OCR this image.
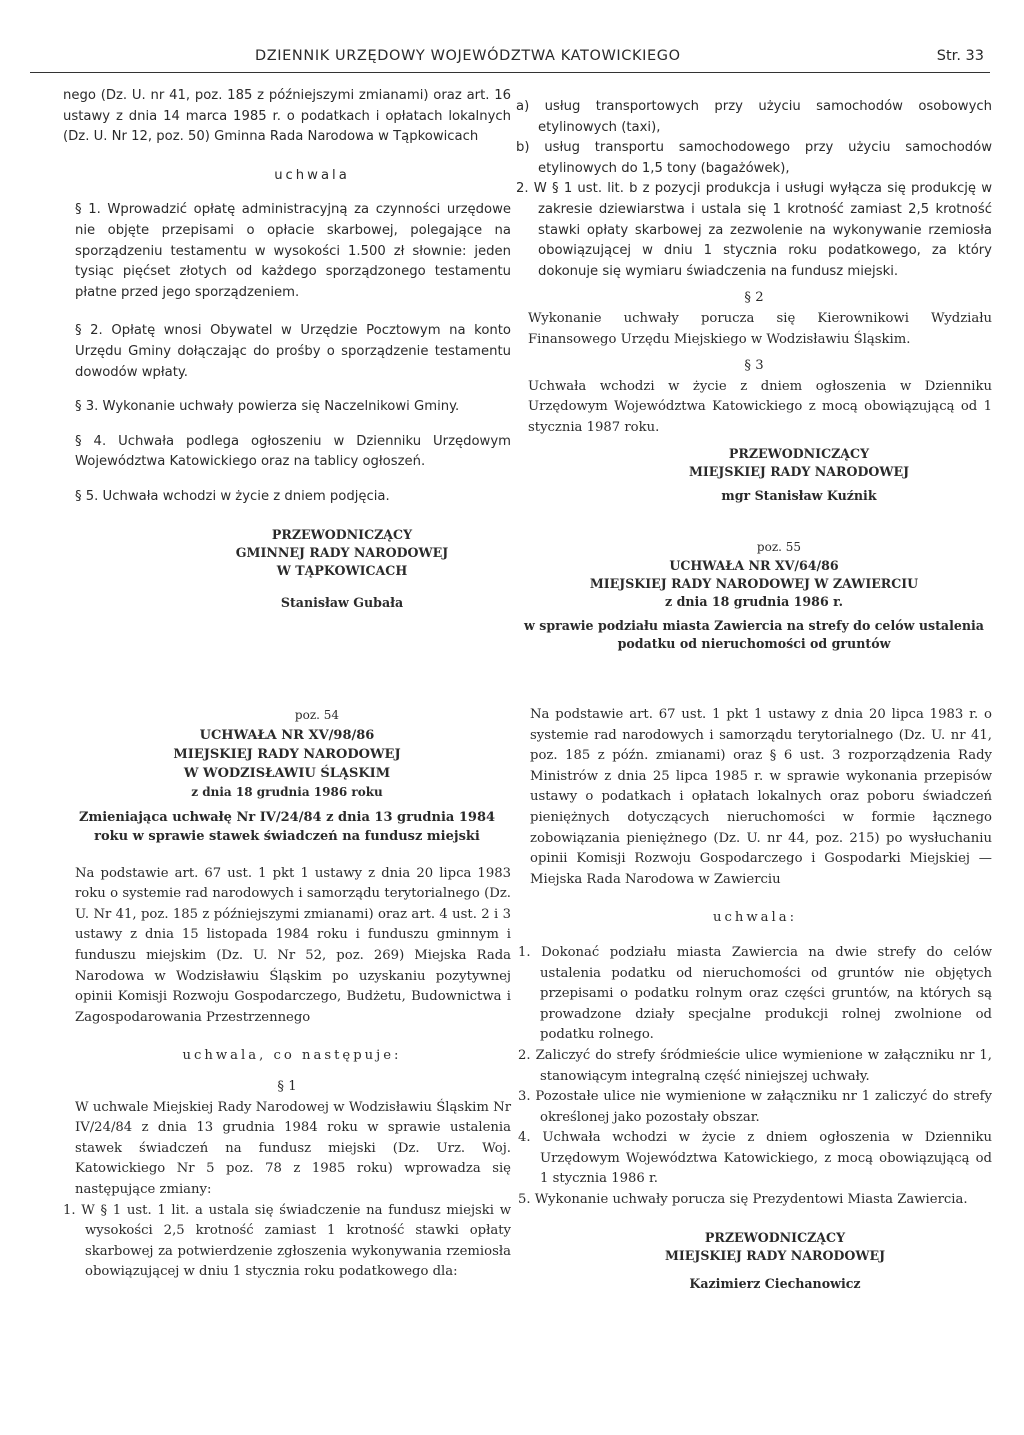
DZIENNIK URZĘDOWY WOJEWÓDZTWA KATOWICKIEGO	Str. 33

nego (Dz. U. nr 41, poz. 185 z późniejszymi zmianami) oraz art. 16 ustawy z dnia 14 marca 1985 r. o podatkach i opłatach lokalnych (Dz. U. Nr 12, poz. 50) Gminna Rada Narodowa w Tąpkowicach

uchwala

§ 1. Wprowadzić opłatę administracyjną za czynności urzędowe nie objęte przepisami o opłacie skarbowej, polegające na sporządzeniu testamentu w wysokości 1.500 zł słownie: jeden tysiąc pięćset złotych od każdego sporządzonego testamentu płatne przed jego sporządzeniem.

§ 2. Opłatę wnosi Obywatel w Urzędzie Pocztowym na konto Urzędu Gminy dołączając do prośby o sporządzenie testamentu dowodów wpłaty.

§ 3. Wykonanie uchwały powierza się Naczelnikowi Gminy.

§ 4. Uchwała podlega ogłoszeniu w Dzienniku Urzędowym Województwa Katowickiego oraz na tablicy ogłoszeń.

§ 5. Uchwała wchodzi w życie z dniem podjęcia.

PRZEWODNICZĄCY
GMINNEJ RADY NARODOWEJ
W TĄPKOWICACH
Stanisław Gubała

a) usług transportowych przy użyciu samochodów osobowych etylinowych (taxi),

b) usług transportu samochodowego przy użyciu samochodów etylinowych do 1,5 tony (bagażówek),

2. W § 1 ust. lit. b z pozycji produkcja i usługi wyłącza się produkcję w zakresie dziewiarstwa i ustala się 1 krotność zamiast 2,5 krotność stawki opłaty skarbowej za zezwolenie na wykonywanie rzemiosła obowiązującej w dniu 1 stycznia roku podatkowego, za który dokonuje się wymiaru świadczenia na fundusz miejski.

§ 2

Wykonanie uchwały porucza się Kierownikowi Wydziału Finansowego Urzędu Miejskiego w Wodzisławiu Śląskim.

§ 3

Uchwała wchodzi w życie z dniem ogłoszenia w Dzienniku Urzędowym Województwa Katowickiego z mocą obowiązującą od 1 stycznia 1987 roku.

PRZEWODNICZĄCY
MIEJSKIEJ RADY NARODOWEJ
mgr Stanisław Kuźnik

poz. 55

UCHWAŁA NR XV/64/86
MIEJSKIEJ RADY NARODOWEJ W ZAWIERCIU
z dnia 18 grudnia 1986 r.
w sprawie podziału miasta Zawiercia na strefy do celów ustalenia podatku od nieruchomości od gruntów

poz. 54

UCHWAŁA NR XV/98/86
MIEJSKIEJ RADY NARODOWEJ
W WODZISŁAWIU ŚLĄSKIM
z dnia 18 grudnia 1986 roku
Zmieniająca uchwałę Nr IV/24/84 z dnia 13 grudnia 1984 roku w sprawie stawek świadczeń na fundusz miejski

Na podstawie art. 67 ust. 1 pkt 1 ustawy z dnia 20 lipca 1983 roku o systemie rad narodowych i samorządu terytorialnego (Dz. U. Nr 41, poz. 185 z późniejszymi zmianami) oraz art. 4 ust. 2 i 3 ustawy z dnia 15 listopada 1984 roku i funduszu gminnym i funduszu miejskim (Dz. U. Nr 52, poz. 269) Miejska Rada Narodowa w Wodzisławiu Śląskim po uzyskaniu pozytywnej opinii Komisji Rozwoju Gospodarczego, Budżetu, Budownictwa i Zagospodarowania Przestrzennego

uchwala, co następuje:

§ 1

W uchwale Miejskiej Rady Narodowej w Wodzisławiu Śląskim Nr IV/24/84 z dnia 13 grudnia 1984 roku w sprawie ustalenia stawek świadczeń na fundusz miejski (Dz. Urz. Woj. Katowickiego Nr 5 poz. 78 z 1985 roku) wprowadza się następujące zmiany:

1. W § 1 ust. 1 lit. a ustala się świadczenie na fundusz miejski w wysokości 2,5 krotność zamiast 1 krotność stawki opłaty skarbowej za potwierdzenie zgłoszenia wykonywania rzemiosła obowiązującej w dniu 1 stycznia roku podatkowego dla:

Na podstawie art. 67 ust. 1 pkt 1 ustawy z dnia 20 lipca 1983 r. o systemie rad narodowych i samorządu terytorialnego (Dz. U. nr 41, poz. 185 z późn. zmianami) oraz § 6 ust. 3 rozporządzenia Rady Ministrów z dnia 25 lipca 1985 r. w sprawie wykonania przepisów ustawy o podatkach i opłatach lokalnych oraz poboru świadczeń pieniężnych dotyczących nieruchomości w formie łącznego zobowiązania pieniężnego (Dz. U. nr 44, poz. 215) po wysłuchaniu opinii Komisji Rozwoju Gospodarczego i Gospodarki Miejskiej — Miejska Rada Narodowa w Zawierciu

uchwala:

1. Dokonać podziału miasta Zawiercia na dwie strefy do celów ustalenia podatku od nieruchomości od gruntów nie objętych przepisami o podatku rolnym oraz części gruntów, na których są prowadzone działy specjalne produkcji rolnej zwolnione od podatku rolnego.

2. Zaliczyć do strefy śródmieście ulice wymienione w załączniku nr 1, stanowiącym integralną część niniejszej uchwały.

3. Pozostałe ulice nie wymienione w załączniku nr 1 zaliczyć do strefy określonej jako pozostały obszar.

4. Uchwała wchodzi w życie z dniem ogłoszenia w Dzienniku Urzędowym Województwa Katowickiego, z mocą obowiązującą od 1 stycznia 1986 r.

5. Wykonanie uchwały porucza się Prezydentowi Miasta Zawiercia.

PRZEWODNICZĄCY
MIEJSKIEJ RADY NARODOWEJ
Kazimierz Ciechanowicz
